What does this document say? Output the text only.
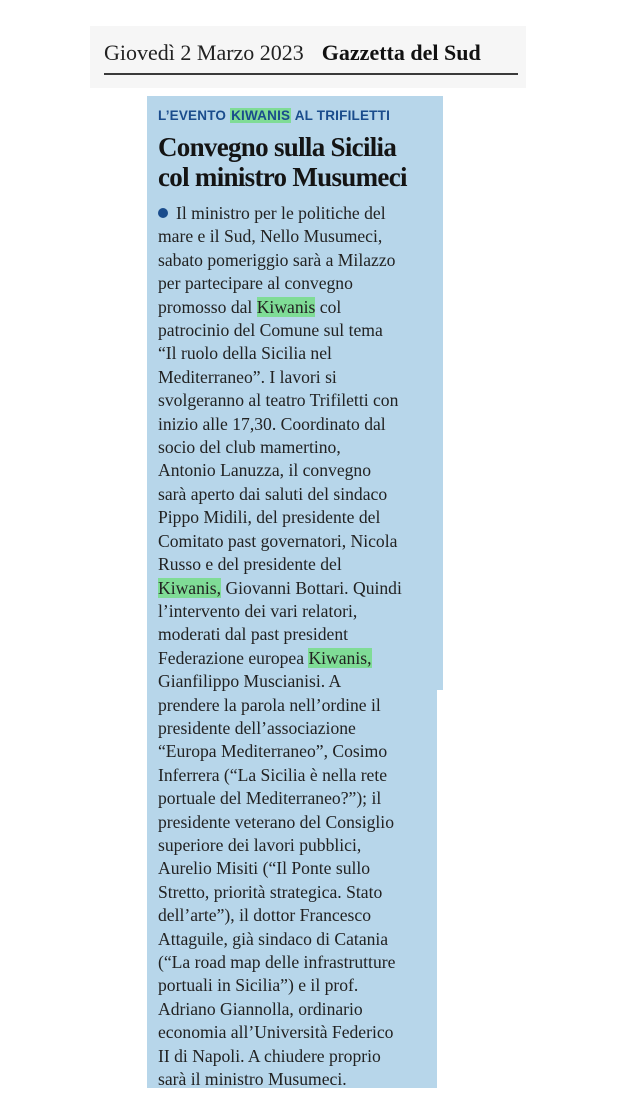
Giovedì 2 Marzo 2023 Gazzetta del Sud
L’EVENTO KIWANIS AL TRIFILETTI
Convegno sulla Sicilia
col ministro Musumeci
Il ministro per le politiche del
mare e il Sud, Nello Musumeci,
sabato pomeriggio sarà a Milazzo
per partecipare al convegno
promosso dal Kiwanis col
patrocinio del Comune sul tema
“Il ruolo della Sicilia nel
Mediterraneo”. I lavori si
svolgeranno al teatro Trifiletti con
inizio alle 17,30. Coordinato dal
socio del club mamertino,
Antonio Lanuzza, il convegno
sarà aperto dai saluti del sindaco
Pippo Midili, del presidente del
Comitato past governatori, Nicola
Russo e del presidente del
Kiwanis, Giovanni Bottari. Quindi
l’intervento dei vari relatori,
moderati dal past president
Federazione europea Kiwanis,
Gianfilippo Muscianisi. A
prendere la parola nell’ordine il
presidente dell’associazione
“Europa Mediterraneo”, Cosimo
Inferrera (“La Sicilia è nella rete
portuale del Mediterraneo?”); il
presidente veterano del Consiglio
superiore dei lavori pubblici,
Aurelio Misiti (“Il Ponte sullo
Stretto, priorità strategica. Stato
dell’arte”), il dottor Francesco
Attaguile, già sindaco di Catania
(“La road map delle infrastrutture
portuali in Sicilia”) e il prof.
Adriano Giannolla, ordinario
economia all’Università Federico
II di Napoli. A chiudere proprio
sarà il ministro Musumeci.
